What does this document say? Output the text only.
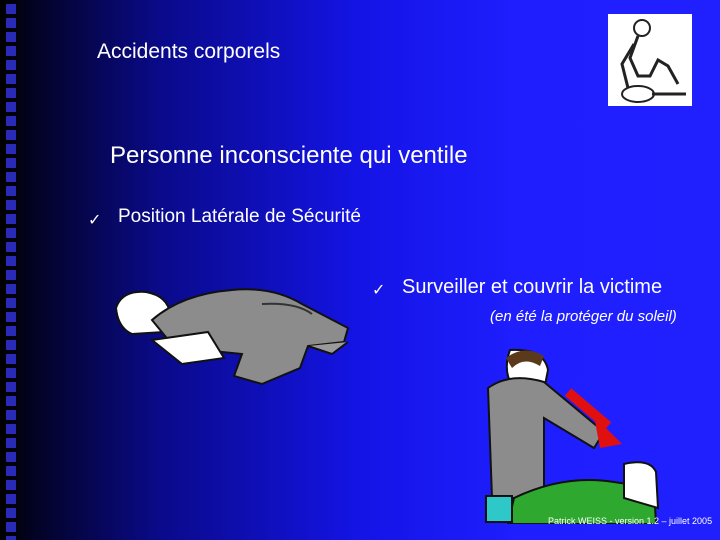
Accidents corporels
Personne inconsciente qui ventile
✓ Position Latérale de Sécurité
✓ Surveiller et couvrir la victime
(en été la protéger du soleil)
Patrick WEISS - version 1.2 – juillet 2005
